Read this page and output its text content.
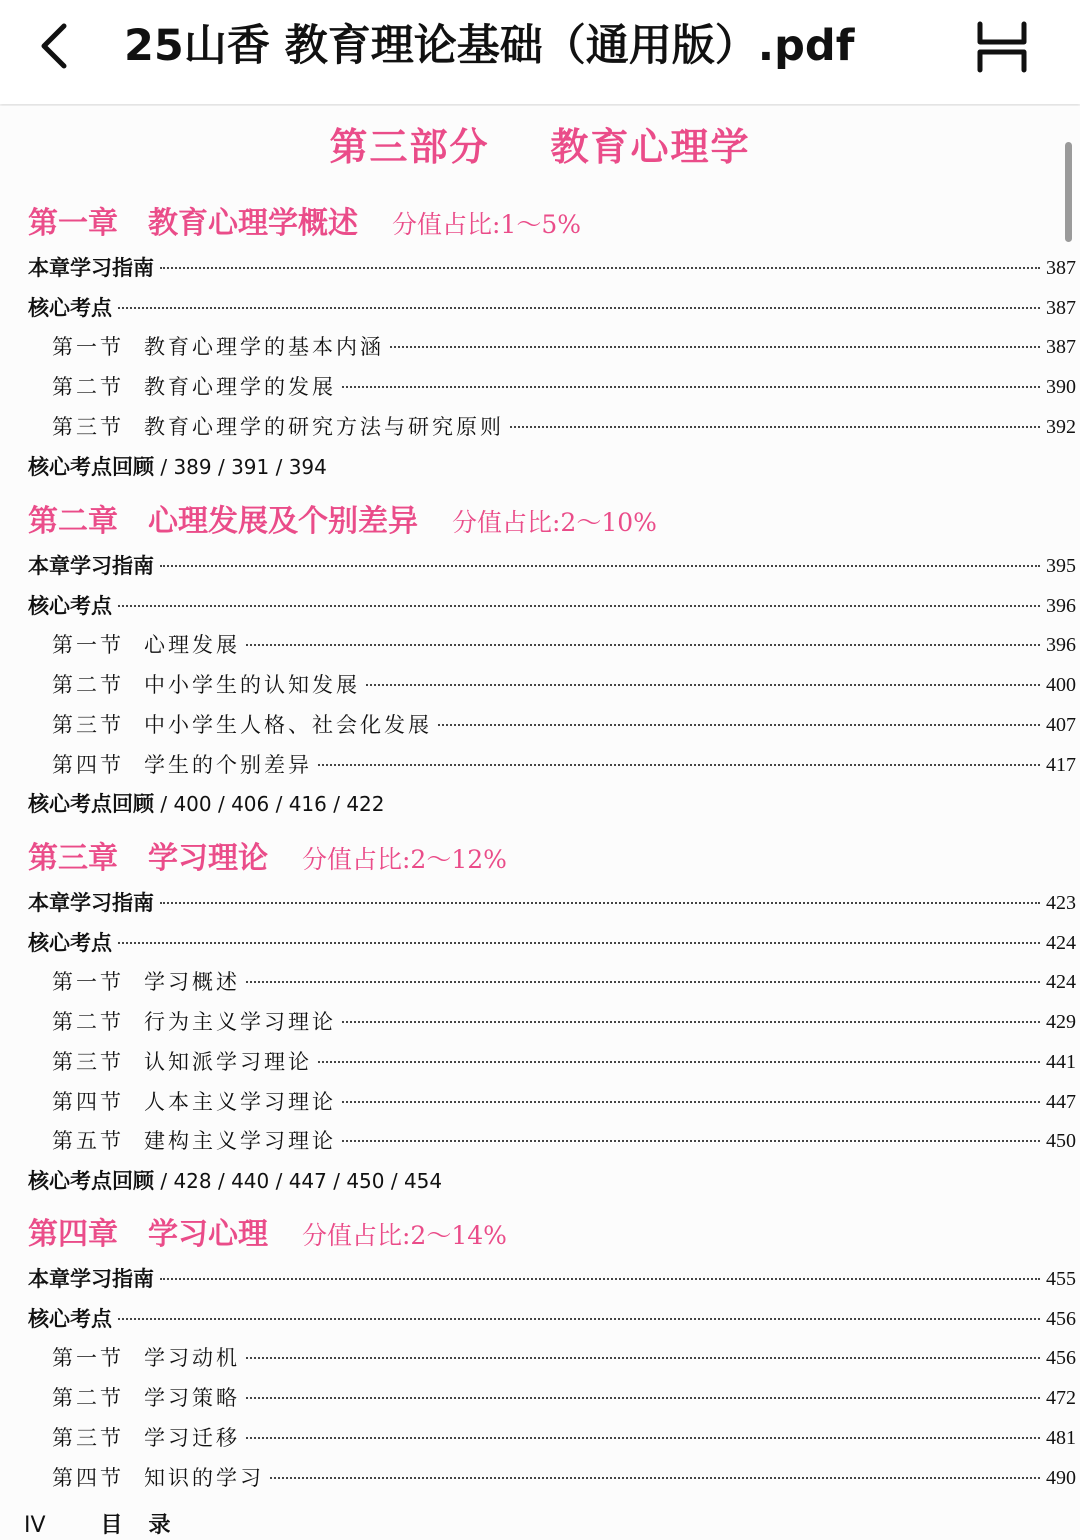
25山香 教育理论基础（通用版）.pdf
第三部分    教育心理学
第一章 教育心理学概述 分值占比:1～5%
本章学习指南	387
核心考点	387
第一节 教育心理学的基本内涵	387
第二节 教育心理学的发展	390
第三节 教育心理学的研究方法与研究原则	392
核心考点回顾 / 389 / 391 / 394
第二章 心理发展及个别差异 分值占比:2～10%
本章学习指南	395
核心考点	396
第一节 心理发展	396
第二节 中小学生的认知发展	400
第三节 中小学生人格、社会化发展	407
第四节 学生的个别差异	417
核心考点回顾 / 400 / 406 / 416 / 422
第三章 学习理论 分值占比:2～12%
本章学习指南	423
核心考点	424
第一节 学习概述	424
第二节 行为主义学习理论	429
第三节 认知派学习理论	441
第四节 人本主义学习理论	447
第五节 建构主义学习理论	450
核心考点回顾 / 428 / 440 / 447 / 450 / 454
第四章 学习心理 分值占比:2～14%
本章学习指南	455
核心考点	456
第一节 学习动机	456
第二节 学习策略	472
第三节 学习迁移	481
第四节 知识的学习	490
IV	目录
